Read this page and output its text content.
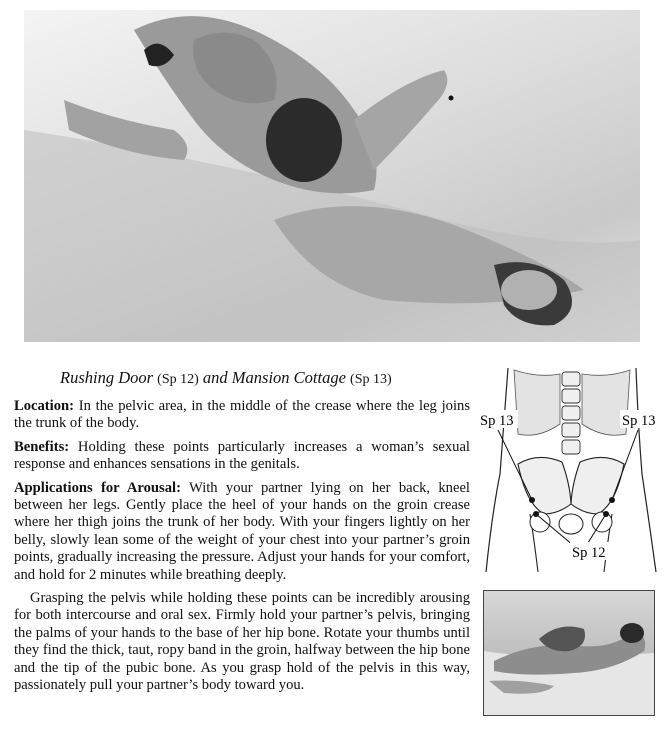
Rushing Door (Sp 12) and Mansion Cottage (Sp 13)

Location: In the pelvic area, in the middle of the crease where the leg joins the trunk of the body.

Benefits: Holding these points particularly increases a woman’s sexual response and enhances sensations in the genitals.

Applications for Arousal: With your partner lying on her back, kneel between her legs. Gently place the heel of your hands on the groin crease where her thigh joins the trunk of her body. With your fingers lightly on her belly, slowly lean some of the weight of your chest into your partner’s groin points, gradually increasing the pressure. Adjust your hands for your comfort, and hold for 2 minutes while breathing deeply.

Grasping the pelvis while holding these points can be incredibly arousing for both intercourse and oral sex. Firmly hold your partner’s pelvis, bringing the palms of your hands to the base of her hip bone. Rotate your thumbs until they find the thick, taut, ropy band in the groin, halfway between the hip bone and the tip of the pubic bone. As you grasp hold of the pelvis in this way, passionately pull your partner’s body toward you.

Sp 13	Sp 13
Sp 12
